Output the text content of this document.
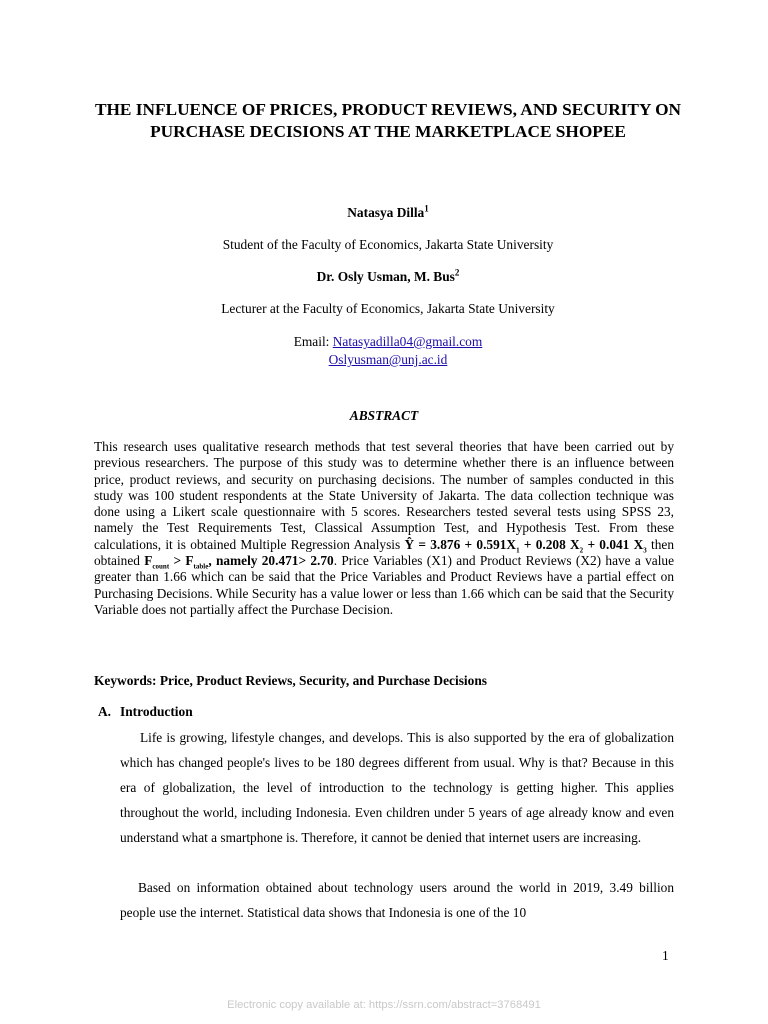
THE INFLUENCE OF PRICES, PRODUCT REVIEWS, AND SECURITY ON PURCHASE DECISIONS AT THE MARKETPLACE SHOPEE
Natasya Dilla$^1$
Student of the Faculty of Economics, Jakarta State University
Dr. Osly Usman, M. Bus$^2$
Lecturer at the Faculty of Economics, Jakarta State University
Email: Natasyadilla04@gmail.com
Oslyusman@unj.ac.id
ABSTRACT
This research uses qualitative research methods that test several theories that have been carried out by previous researchers. The purpose of this study was to determine whether there is an influence between price, product reviews, and security on purchasing decisions. The number of samples conducted in this study was 100 student respondents at the State University of Jakarta. The data collection technique was done using a Likert scale questionnaire with 5 scores. Researchers tested several tests using SPSS 23, namely the Test Requirements Test, Classical Assumption Test, and Hypothesis Test. From these calculations, it is obtained Multiple Regression Analysis Ŷ = $3.876 + 0.591X_1 + 0.208$ $X_2 + 0.041$ $X_3$ then obtained $F_{count} > F_{table}$, namely 20.471> 2.70. Price Variables (X1) and Product Reviews (X2) have a value greater than 1.66 which can be said that the Price Variables and Product Reviews have a partial effect on Purchasing Decisions. While Security has a value lower or less than 1.66 which can be said that the Security Variable does not partially affect the Purchase Decision.
Keywords: Price, Product Reviews, Security, and Purchase Decisions
A. Introduction
Life is growing, lifestyle changes, and develops. This is also supported by the era of globalization which has changed people's lives to be 180 degrees different from usual. Why is that? Because in this era of globalization, the level of introduction to the technology is getting higher. This applies throughout the world, including Indonesia. Even children under 5 years of age already know and even understand what a smartphone is. Therefore, it cannot be denied that internet users are increasing.
Based on information obtained about technology users around the world in 2019, 3.49 billion people use the internet. Statistical data shows that Indonesia is one of the 10
1
Electronic copy available at: https://ssrn.com/abstract=3768491
